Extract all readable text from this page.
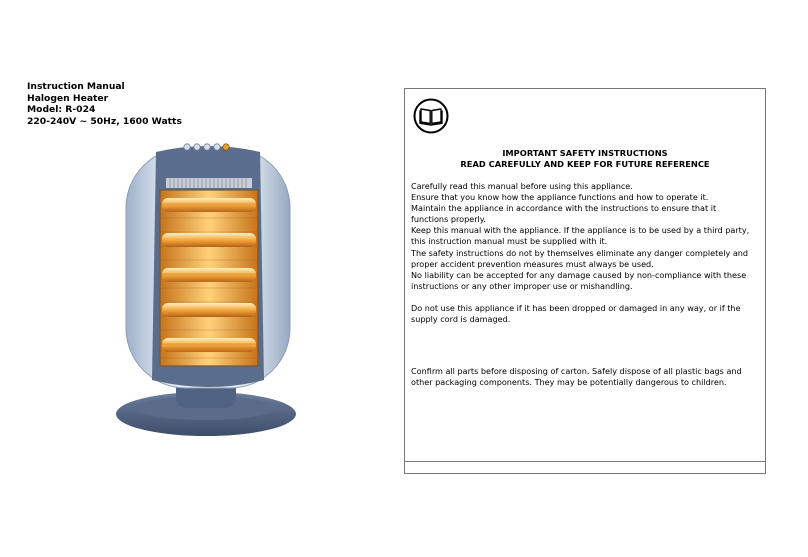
Instruction Manual
Halogen Heater
Model: R-024
220-240V ~ 50Hz, 1600 Watts
IMPORTANT SAFETY INSTRUCTIONS
READ CAREFULLY AND KEEP FOR FUTURE REFERENCE

Carefully read this manual before using this appliance.

Ensure that you know how the appliance functions and how to operate it.

Maintain the appliance in accordance with the instructions to ensure that it functions properly.

Keep this manual with the appliance. If the appliance is to be used by a third party, this instruction manual must be supplied with it.

The safety instructions do not by themselves eliminate any danger completely and proper accident prevention measures must always be used.

No liability can be accepted for any damage caused by non-compliance with these instructions or any other improper use or mishandling.

Do not use this appliance if it has been dropped or damaged in any way, or if the supply cord is damaged.

Confirm all parts before disposing of carton. Safely dispose of all plastic bags and other packaging components. They may be potentially dangerous to children.
